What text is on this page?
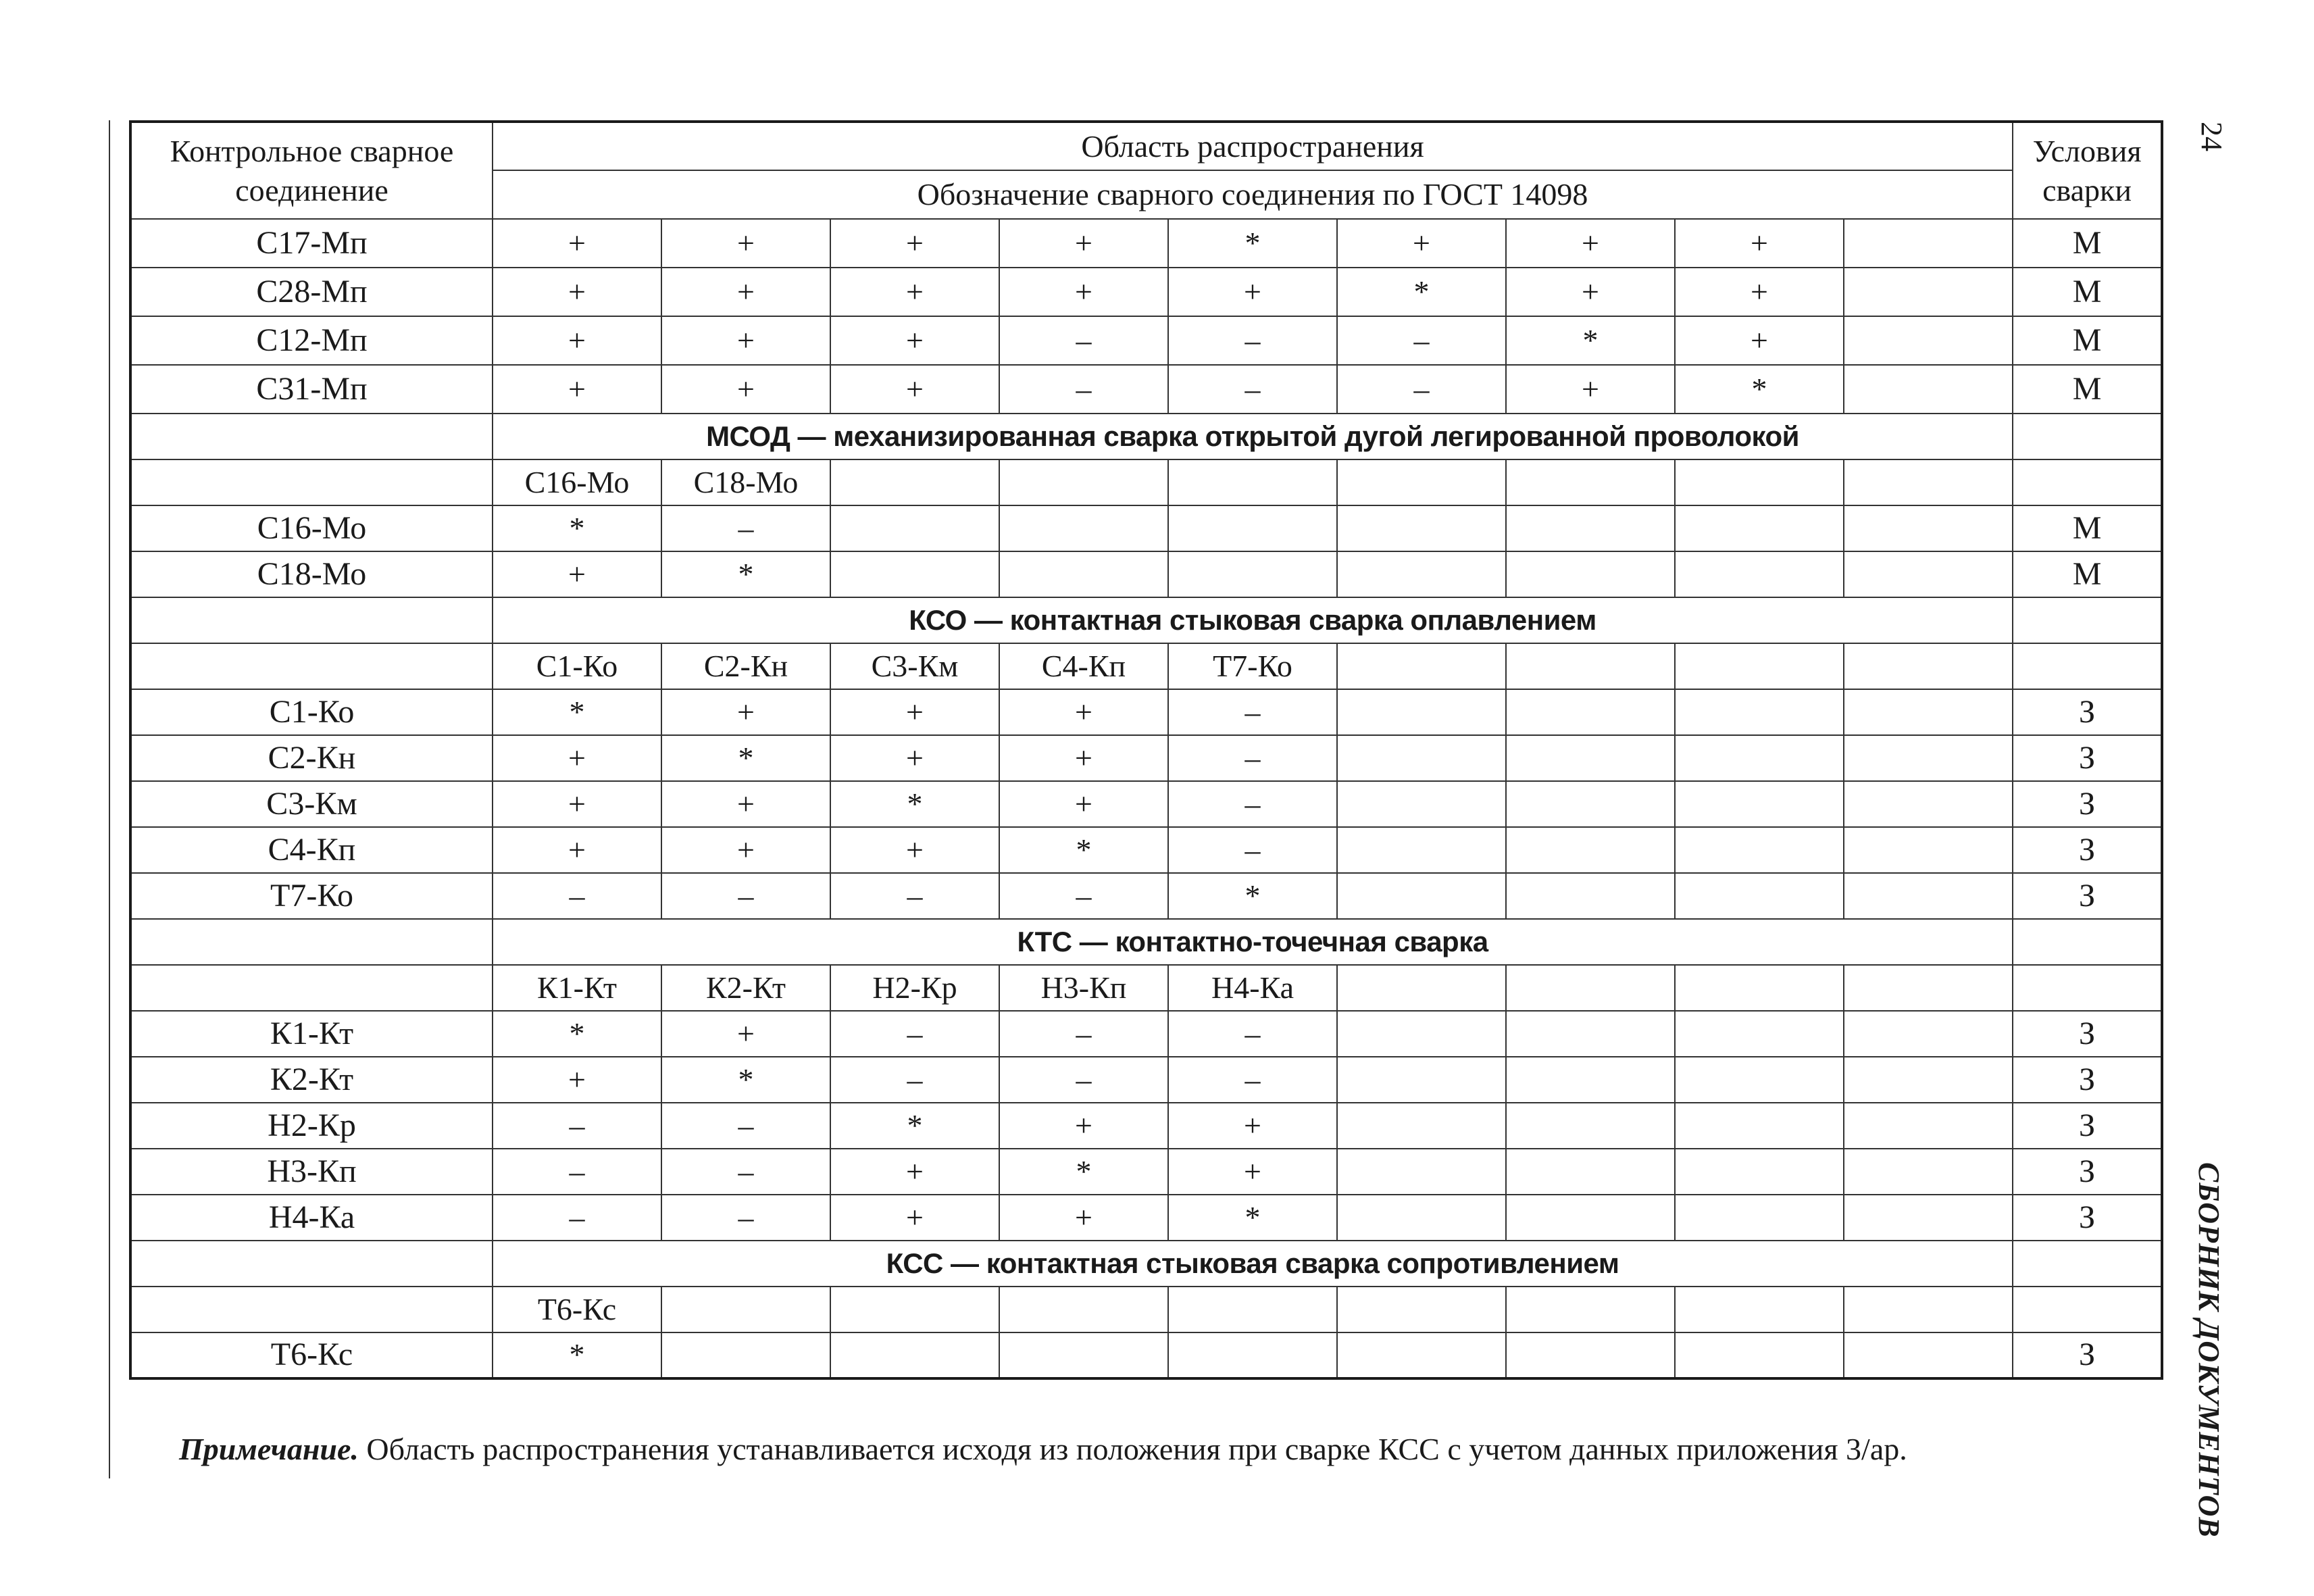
Контрольное сварное соединение	Область распространения									Условия сварки
	Обозначение сварного соединения по ГОСТ 14098									
С17-Мп	+	+	+	+	*	+	+	+		М
С28-Мп	+	+	+	+	+	*	+	+		М
С12-Мп	+	+	+	–	–	–	*	+		М
С31-Мп	+	+	+	–	–	–	+	*		М
	МСОД — механизированная сварка открытой дугой легированной проволокой									
	С16-Мо	С18-Мо								
С16-Мо	*	–								М
С18-Мо	+	*								М
	КСО — контактная стыковая сварка оплавлением									
	С1-Ко	С2-Кн	С3-Км	С4-Кп	Т7-Ко					
С1-Ко	*	+	+	+	–					З
С2-Кн	+	*	+	+	–					З
С3-Км	+	+	*	+	–					З
С4-Кп	+	+	+	*	–					З
Т7-Ко	–	–	–	–	*					З
	КТС — контактно-точечная сварка									
	К1-Кт	К2-Кт	Н2-Кр	Н3-Кп	Н4-Ка					
К1-Кт	*	+	–	–	–					З
К2-Кт	+	*	–	–	–					З
Н2-Кр	–	–	*	+	+					З
Н3-Кп	–	–	+	*	+					З
Н4-Ка	–	–	+	+	*					З
	КСС — контактная стыковая сварка сопротивлением									
	Т6-Кс									
Т6-Кс	*									З
Примечание. Область распространения устанавливается исходя из положения при сварке КСС с учетом данных приложения 3/ар.
24
СБОРНИК ДОКУМЕНТОВ
